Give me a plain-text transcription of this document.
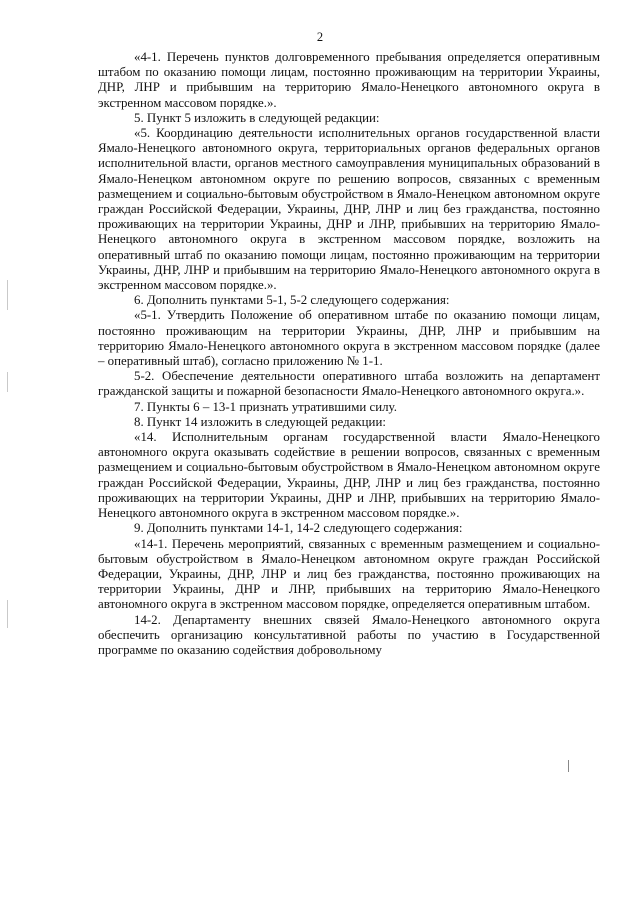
2

«4-1. Перечень пунктов долговременного пребывания определяется оперативным штабом по оказанию помощи лицам, постоянно проживающим на территории Украины, ДНР, ЛНР и прибывшим на территорию Ямало-Ненецкого автономного округа в экстренном массовом порядке.».

5. Пункт 5 изложить в следующей редакции:

«5. Координацию деятельности исполнительных органов государственной власти Ямало-Ненецкого автономного округа, территориальных органов федеральных органов исполнительной власти, органов местного самоуправления муниципальных образований в Ямало-Ненецком автономном округе по решению вопросов, связанных с временным размещением и социально-бытовым обустройством в Ямало-Ненецком автономном округе граждан Российской Федерации, Украины, ДНР, ЛНР и лиц без гражданства, постоянно проживающих на территории Украины, ДНР и ЛНР, прибывших на территорию Ямало-Ненецкого автономного округа в экстренном массовом порядке, возложить на оперативный штаб по оказанию помощи лицам, постоянно проживающим на территории Украины, ДНР, ЛНР и прибывшим на территорию Ямало-Ненецкого автономного округа в экстренном массовом порядке.».

6. Дополнить пунктами 5-1, 5-2 следующего содержания:

«5-1. Утвердить Положение об оперативном штабе по оказанию помощи лицам, постоянно проживающим на территории Украины, ДНР, ЛНР и прибывшим на территорию Ямало-Ненецкого автономного округа в экстренном массовом порядке (далее – оперативный штаб), согласно приложению № 1-1.

5-2. Обеспечение деятельности оперативного штаба возложить на департамент гражданской защиты и пожарной безопасности Ямало-Ненецкого автономного округа.».

7. Пункты 6 – 13-1 признать утратившими силу.

8. Пункт 14 изложить в следующей редакции:

«14. Исполнительным органам государственной власти Ямало-Ненецкого автономного округа оказывать содействие в решении вопросов, связанных с временным размещением и социально-бытовым обустройством в Ямало-Ненецком автономном округе граждан Российской Федерации, Украины, ДНР, ЛНР и лиц без гражданства, постоянно проживающих на территории Украины, ДНР и ЛНР, прибывших на территорию Ямало-Ненецкого автономного округа в экстренном массовом порядке.».

9. Дополнить пунктами 14-1, 14-2 следующего содержания:

«14-1. Перечень мероприятий, связанных с временным размещением и социально-бытовым обустройством в Ямало-Ненецком автономном округе граждан Российской Федерации, Украины, ДНР, ЛНР и лиц без гражданства, постоянно проживающих на территории Украины, ДНР и ЛНР, прибывших на территорию Ямало-Ненецкого автономного округа в экстренном массовом порядке, определяется оперативным штабом.

14-2. Департаменту внешних связей Ямало-Ненецкого автономного округа обеспечить организацию консультативной работы по участию в Государственной программе по оказанию содействия добровольному
